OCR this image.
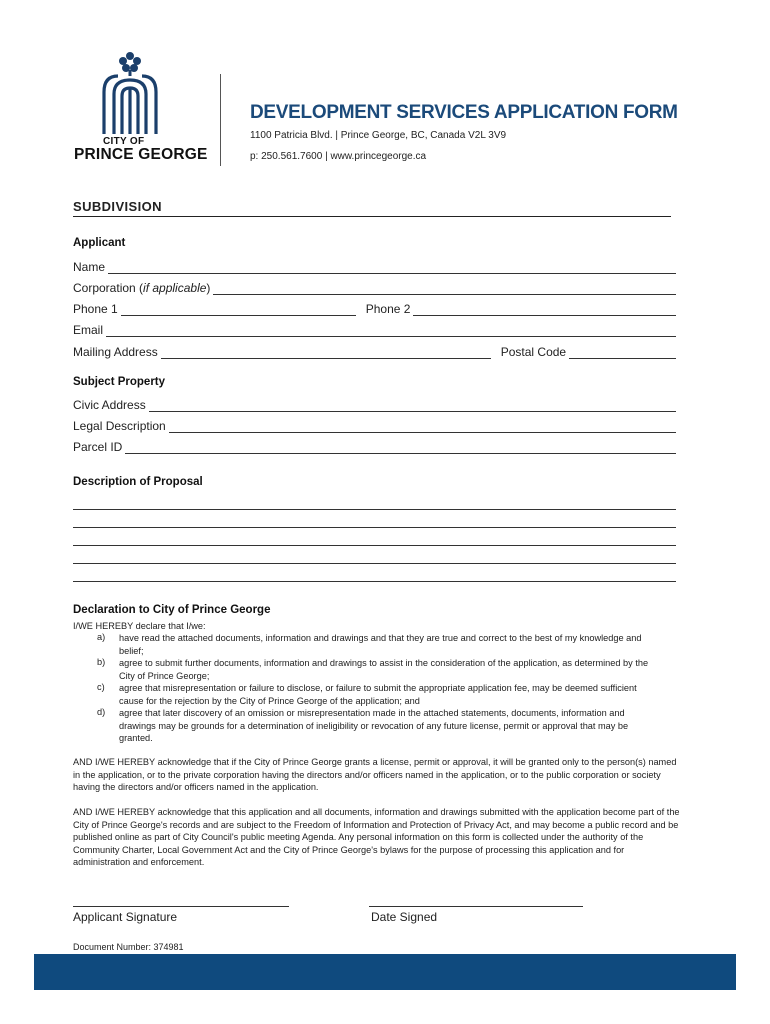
CITY OF
PRINCE GEORGE
DEVELOPMENT SERVICES APPLICATION FORM
1100 Patricia Blvd. | Prince George, BC, Canada V2L 3V9
p: 250.561.7600 | www.princegeorge.ca
SUBDIVISION
Applicant
Name
Corporation (if applicable)
Phone 1	Phone 2
Email
Mailing Address	Postal Code
Subject Property
Civic Address
Legal Description
Parcel ID
Description of Proposal
Declaration to City of Prince George
I/WE HEREBY declare that I/we:
a) have read the attached documents, information and drawings and that they are true and correct to the best of my knowledge and belief;
b) agree to submit further documents, information and drawings to assist in the consideration of the application, as determined by the City of Prince George;
c) agree that misrepresentation or failure to disclose, or failure to submit the appropriate application fee, may be deemed sufficient cause for the rejection by the City of Prince George of the application; and
d) agree that later discovery of an omission or misrepresentation made in the attached statements, documents, information and drawings may be grounds for a determination of ineligibility or revocation of any future license, permit or approval that may be granted.
AND I/WE HEREBY acknowledge that if the City of Prince George grants a license, permit or approval, it will be granted only to the person(s) named in the application, or to the private corporation having the directors and/or officers named in the application, or to the public corporation or society having the directors and/or officers named in the application.
AND I/WE HEREBY acknowledge that this application and all documents, information and drawings submitted with the application become part of the City of Prince George's records and are subject to the Freedom of Information and Protection of Privacy Act, and may become a public record and be published online as part of City Council's public meeting Agenda. Any personal information on this form is collected under the authority of the Community Charter, Local Government Act and the City of Prince George's bylaws for the purpose of processing this application and for administration and enforcement.
Applicant Signature	Date Signed
Document Number: 374981
